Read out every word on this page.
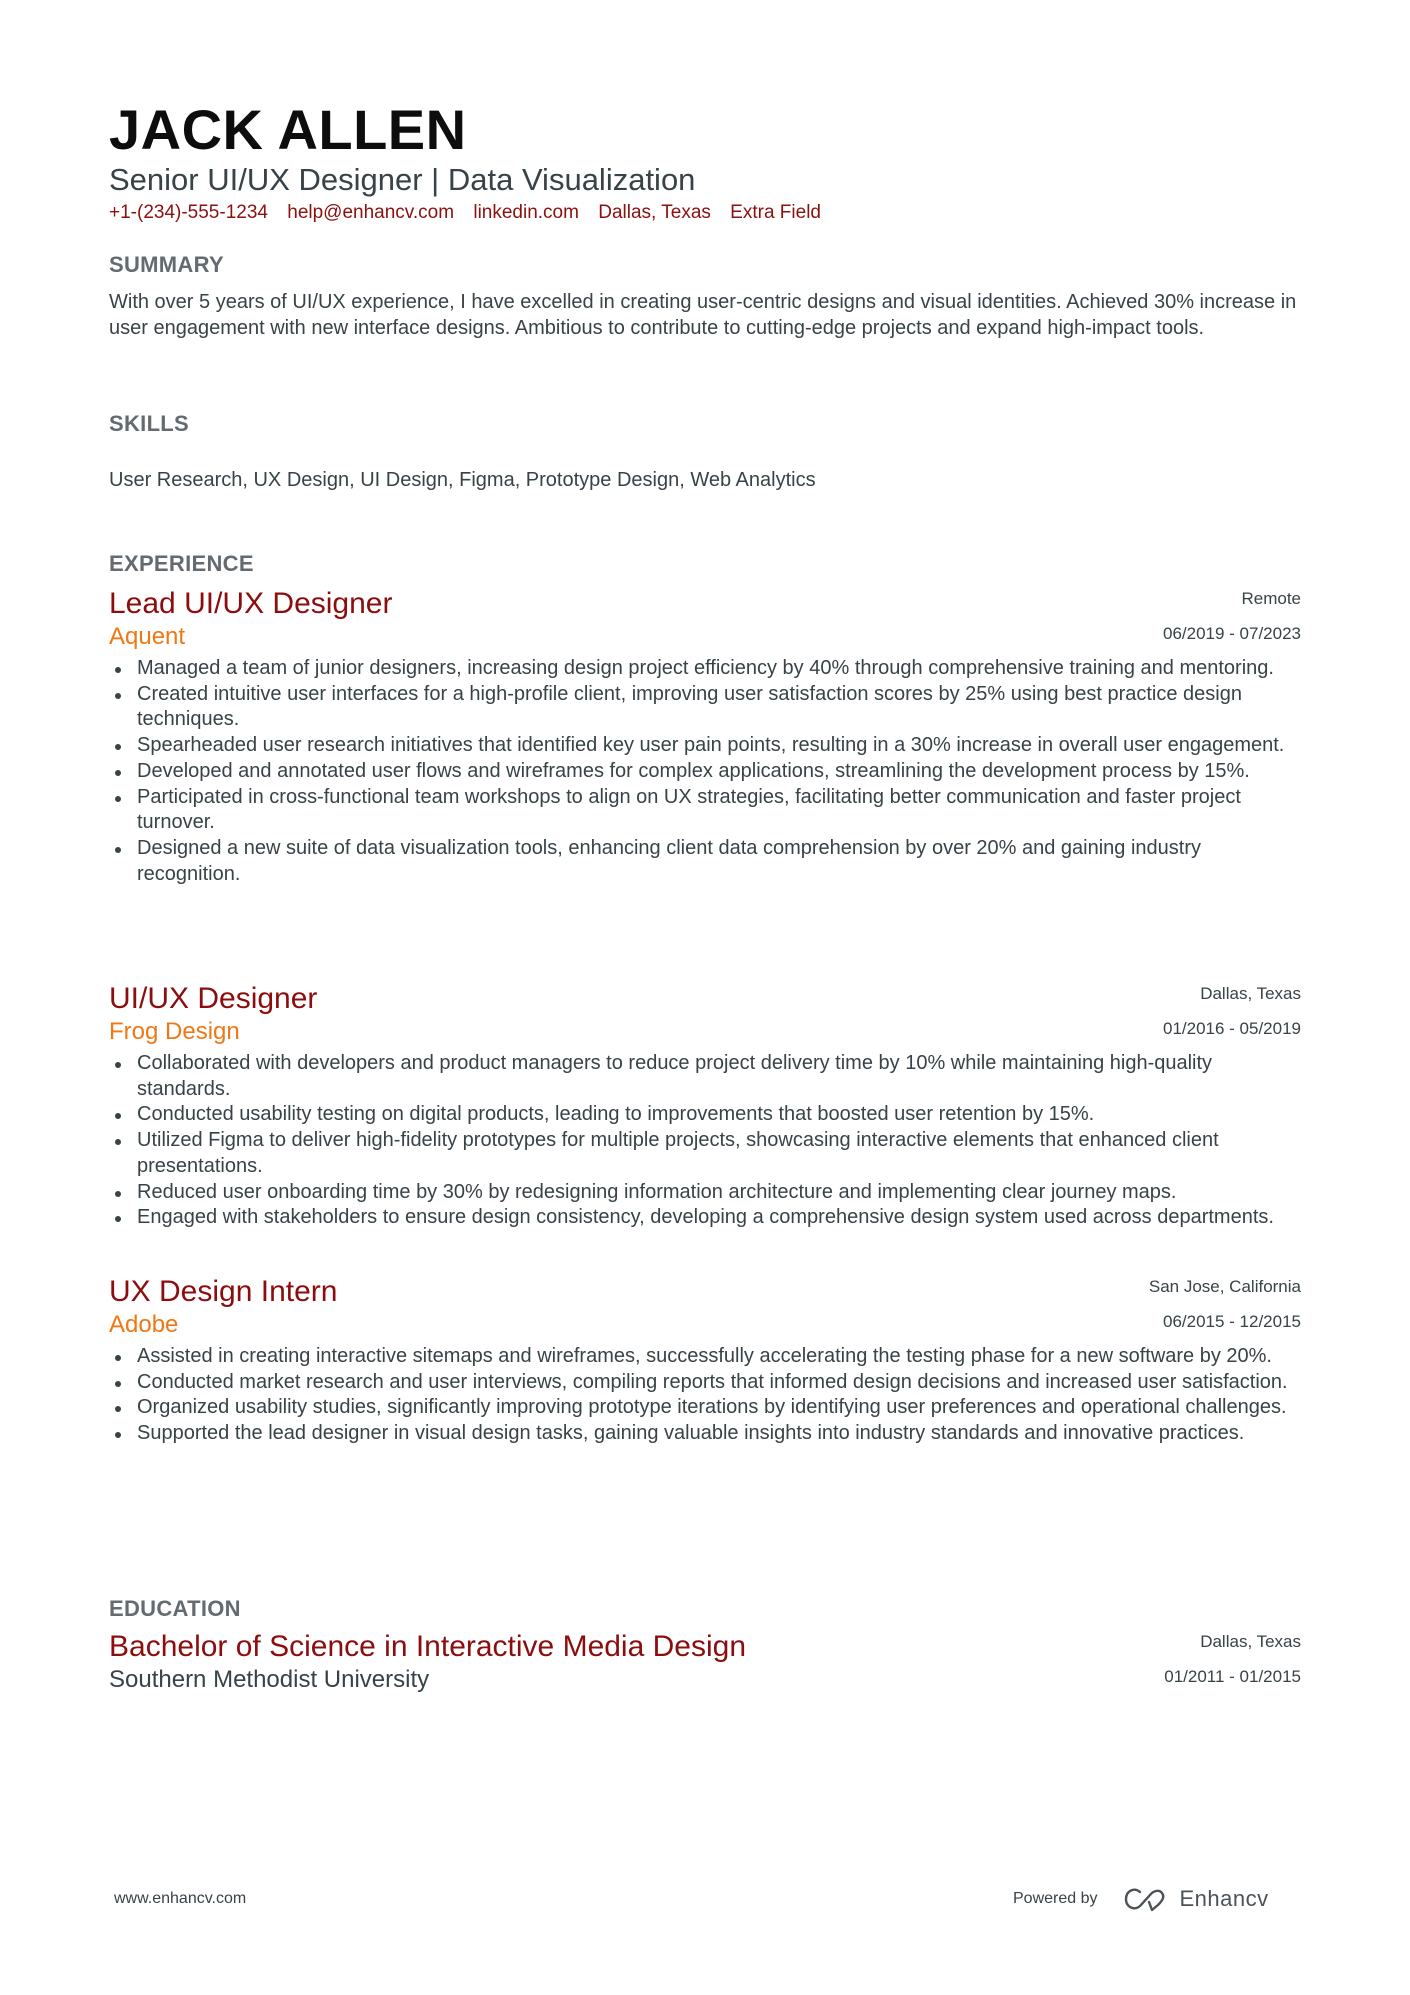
JACK ALLEN
Senior UI/UX Designer | Data Visualization
+1-(234)-555-1234 help@enhancv.com linkedin.com Dallas, Texas Extra Field
SUMMARY

With over 5 years of UI/UX experience, I have excelled in creating user-centric designs and visual identities. Achieved 30% increase in user engagement with new interface designs. Ambitious to contribute to cutting-edge projects and expand high-impact tools.

SKILLS

User Research, UX Design, UI Design, Figma, Prototype Design, Web Analytics

EXPERIENCE
Lead UI/UX Designer
Aquent
Remote
06/2019 - 07/2023
Managed a team of junior designers, increasing design project efficiency by 40% through comprehensive training and mentoring.
Created intuitive user interfaces for a high-profile client, improving user satisfaction scores by 25% using best practice design techniques.
Spearheaded user research initiatives that identified key user pain points, resulting in a 30% increase in overall user engagement.
Developed and annotated user flows and wireframes for complex applications, streamlining the development process by 15%.
Participated in cross-functional team workshops to align on UX strategies, facilitating better communication and faster project turnover.
Designed a new suite of data visualization tools, enhancing client data comprehension by over 20% and gaining industry recognition.
UI/UX Designer
Frog Design
Dallas, Texas
01/2016 - 05/2019
Collaborated with developers and product managers to reduce project delivery time by 10% while maintaining high-quality standards.
Conducted usability testing on digital products, leading to improvements that boosted user retention by 15%.
Utilized Figma to deliver high-fidelity prototypes for multiple projects, showcasing interactive elements that enhanced client presentations.
Reduced user onboarding time by 30% by redesigning information architecture and implementing clear journey maps.
Engaged with stakeholders to ensure design consistency, developing a comprehensive design system used across departments.
UX Design Intern
Adobe
San Jose, California
06/2015 - 12/2015
Assisted in creating interactive sitemaps and wireframes, successfully accelerating the testing phase for a new software by 20%.
Conducted market research and user interviews, compiling reports that informed design decisions and increased user satisfaction.
Organized usability studies, significantly improving prototype iterations by identifying user preferences and operational challenges.
Supported the lead designer in visual design tasks, gaining valuable insights into industry standards and innovative practices.
EDUCATION
Bachelor of Science in Interactive Media Design
Southern Methodist University
Dallas, Texas
01/2011 - 01/2015
www.enhancv.com	Powered by	Enhancv
